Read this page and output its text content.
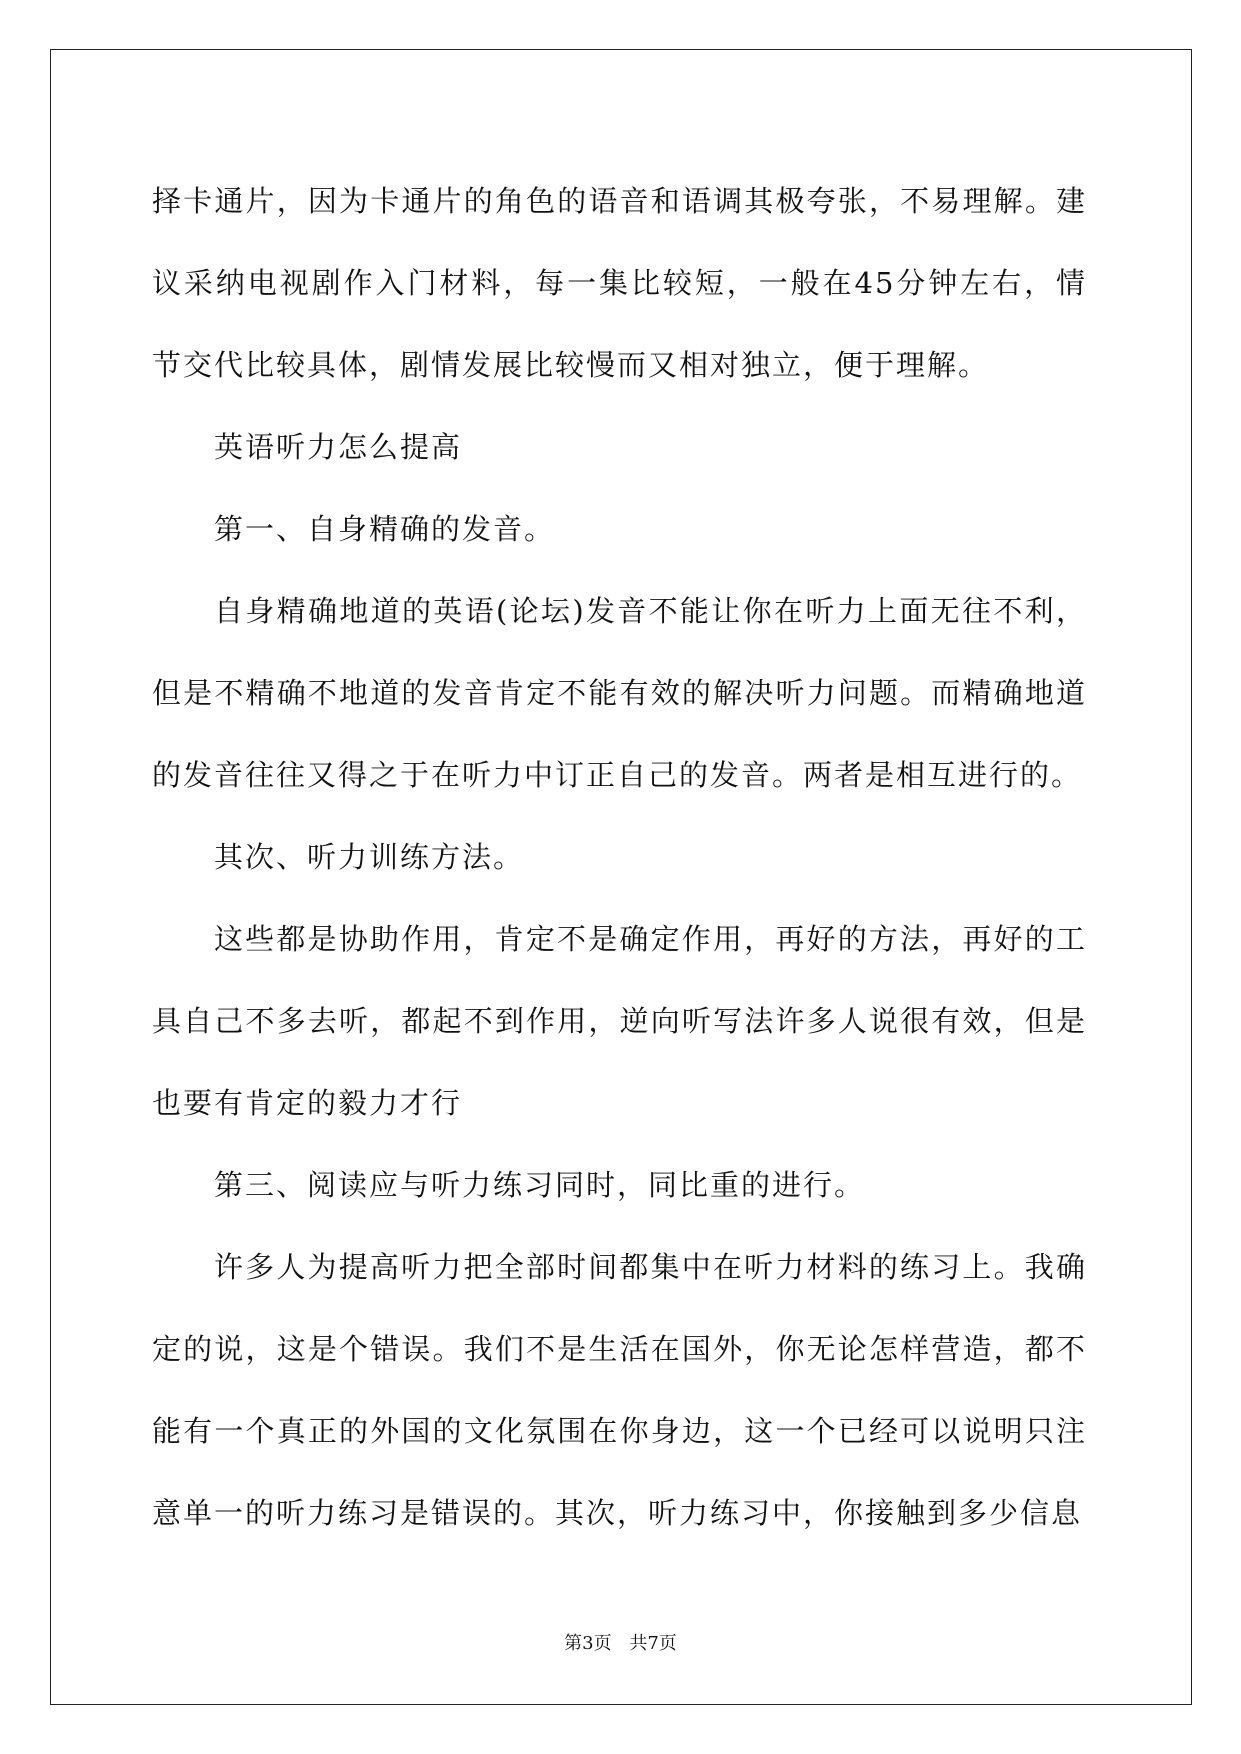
择卡通片，因为卡通片的角色的语音和语调其极夸张，不易理解。建议采纳电视剧作入门材料，每一集比较短，一般在45分钟左右，情节交代比较具体，剧情发展比较慢而又相对独立，便于理解。

英语听力怎么提高

第一、自身精确的发音。

自身精确地道的英语(论坛)发音不能让你在听力上面无往不利，但是不精确不地道的发音肯定不能有效的解决听力问题。而精确地道的发音往往又得之于在听力中订正自己的发音。两者是相互进行的。

其次、听力训练方法。

这些都是协助作用，肯定不是确定作用，再好的方法，再好的工具自己不多去听，都起不到作用，逆向听写法许多人说很有效，但是也要有肯定的毅力才行

第三、阅读应与听力练习同时，同比重的进行。

许多人为提高听力把全部时间都集中在听力材料的练习上。我确定的说，这是个错误。我们不是生活在国外，你无论怎样营造，都不能有一个真正的外国的文化氛围在你身边，这一个已经可以说明只注意单一的听力练习是错误的。其次，听力练习中，你接触到多少信息

第3页 共7页
